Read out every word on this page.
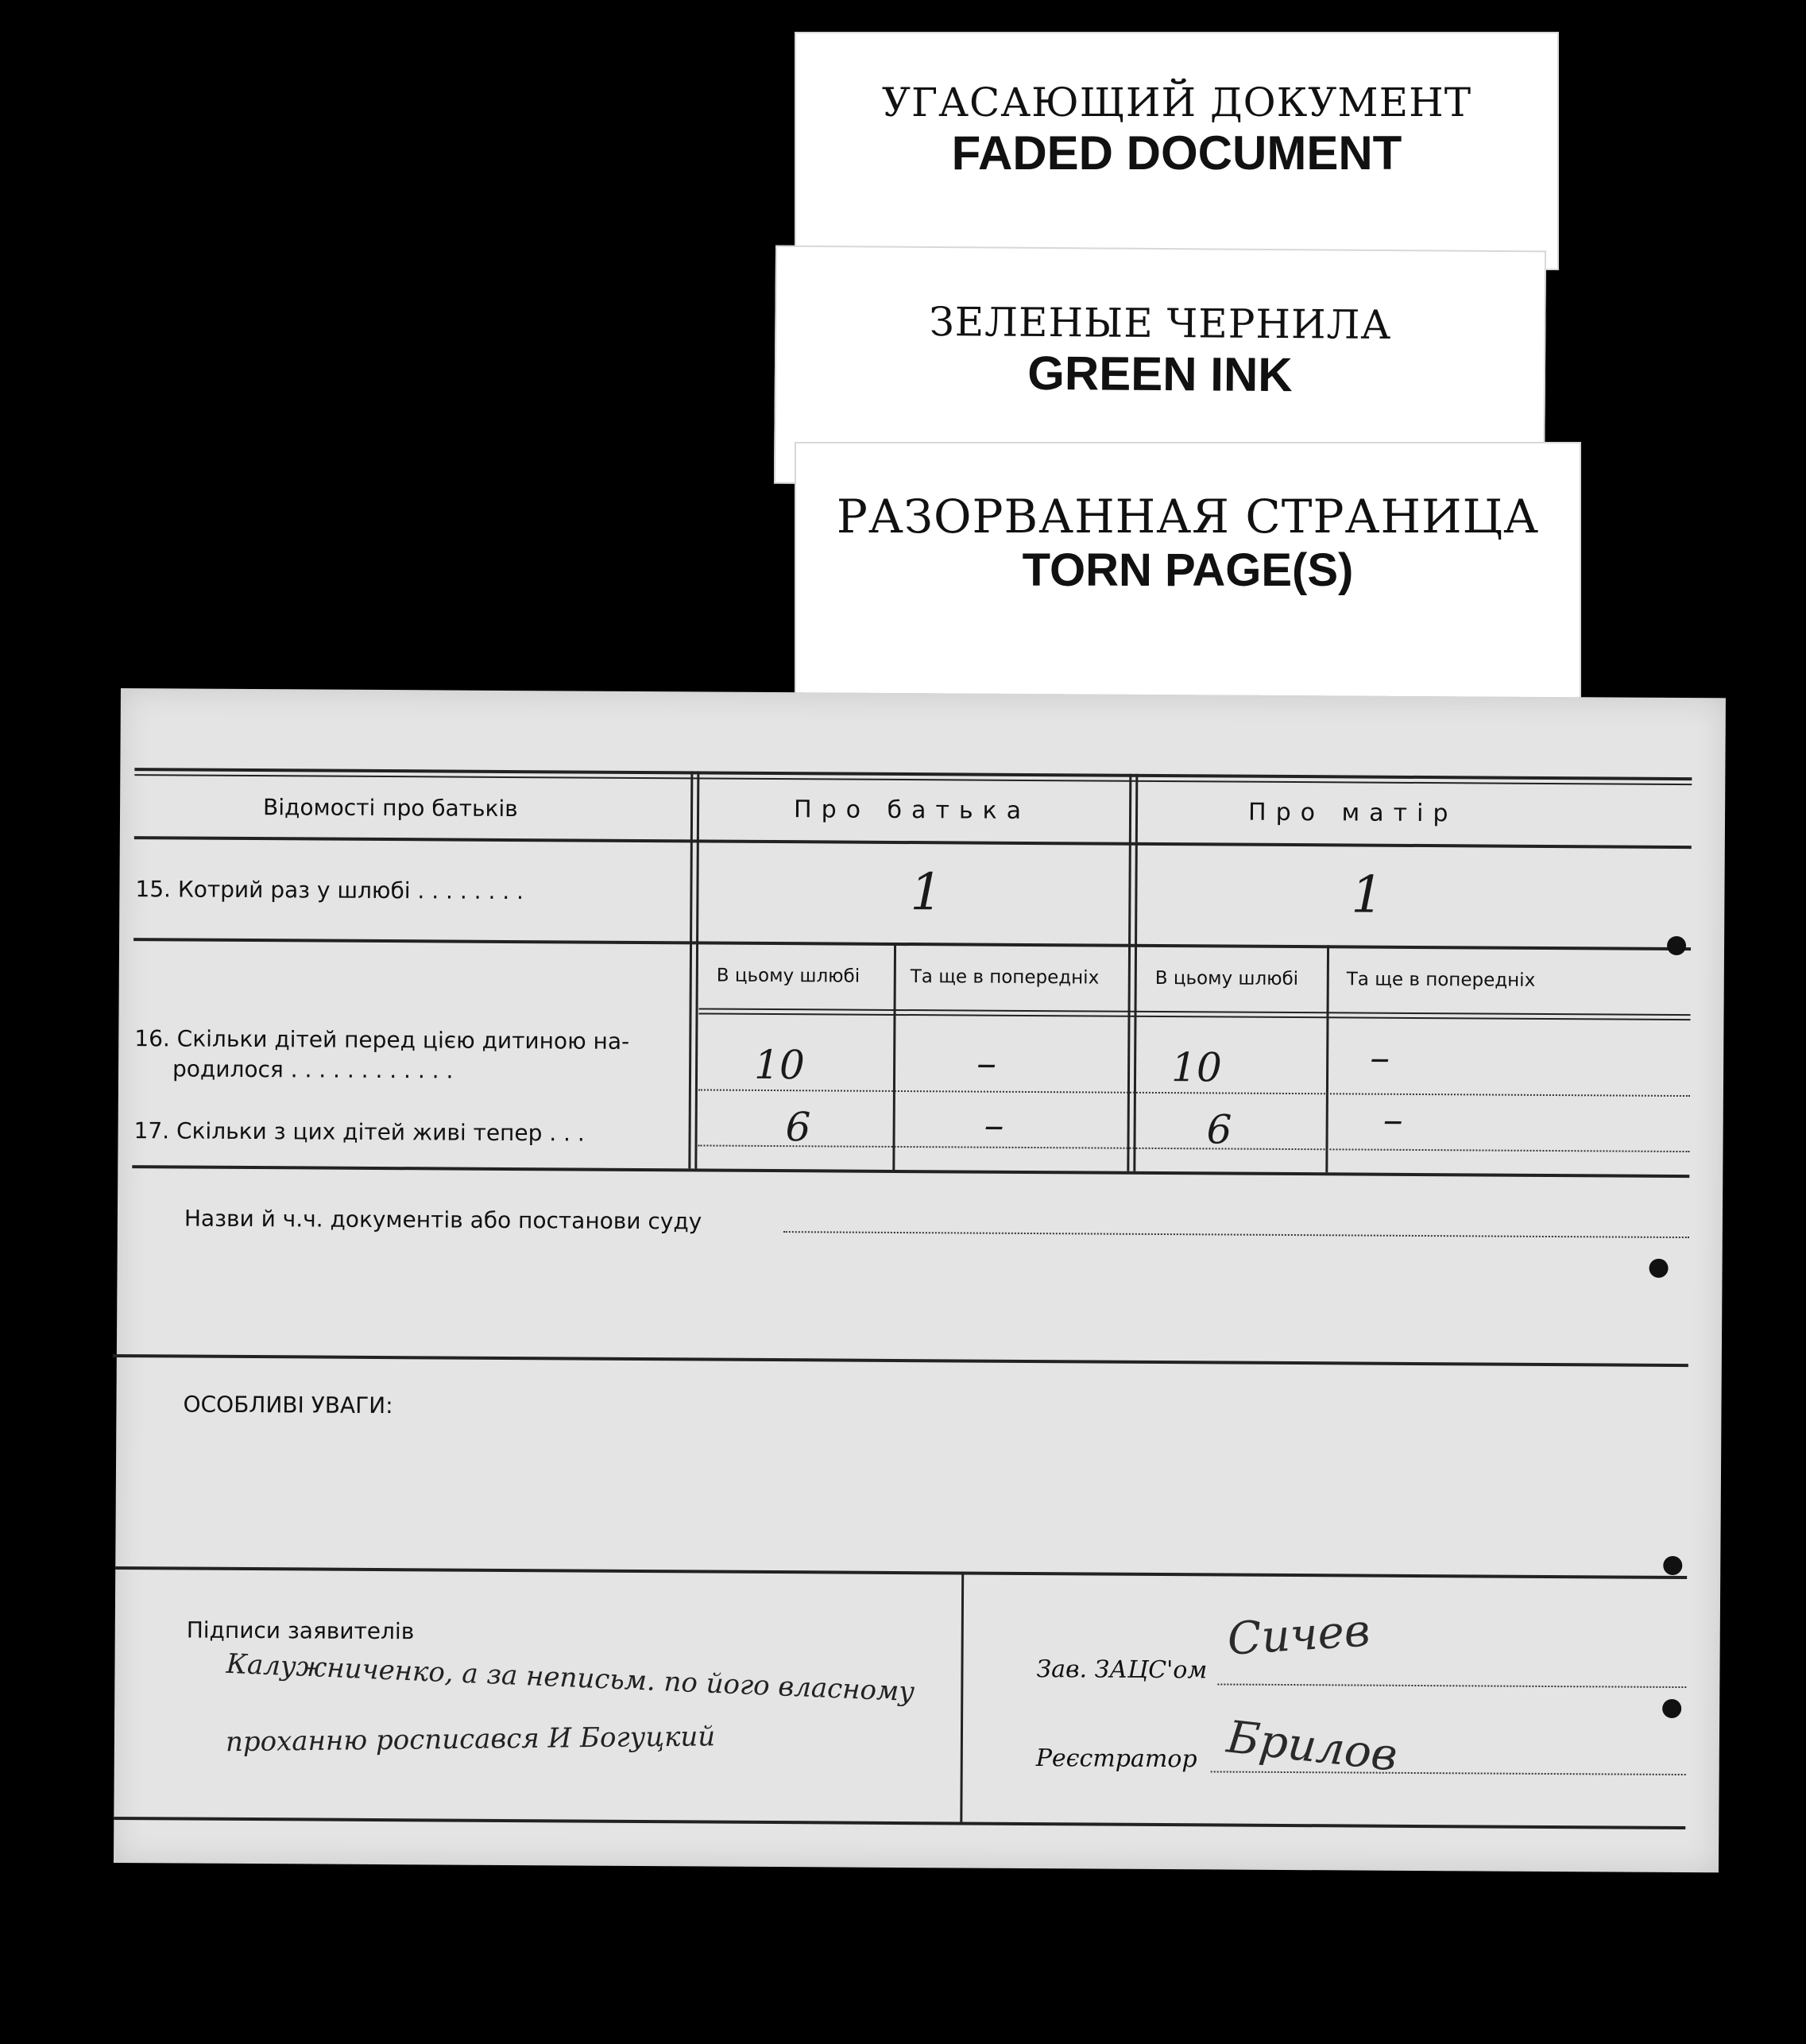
УГАСАЮЩИЙ ДОКУМЕНТ
FADED DOCUMENT
ЗЕЛЕНЫЕ ЧЕРНИЛА
GREEN INK
РАЗОРВАННАЯ СТРАНИЦА
TORN PAGE(S)
Відомості про батьків	Про батька	Про матір
15. Котрий раз у шлюбі . . . . . . . .	1	1
В цьому шлюбі	Та ще в попередніх	В цьому шлюбі	Та ще в попередніх
16. Скільки дітей перед цією дитиною на-
родилося . . . . . . . . . . . .	10	–	10	–
17. Скільки з цих дітей живі тепер . . .	6	–	6	–
Назви й ч.ч. документів або постанови суду
ОСОБЛИВІ УВАГИ:
Підписи заявителів
Калужниченко, а за неписьм. по його власному
проханню росписався И Богуцкий
Зав. ЗАЦС'ом
Сичев
Реєстратор Брилов
